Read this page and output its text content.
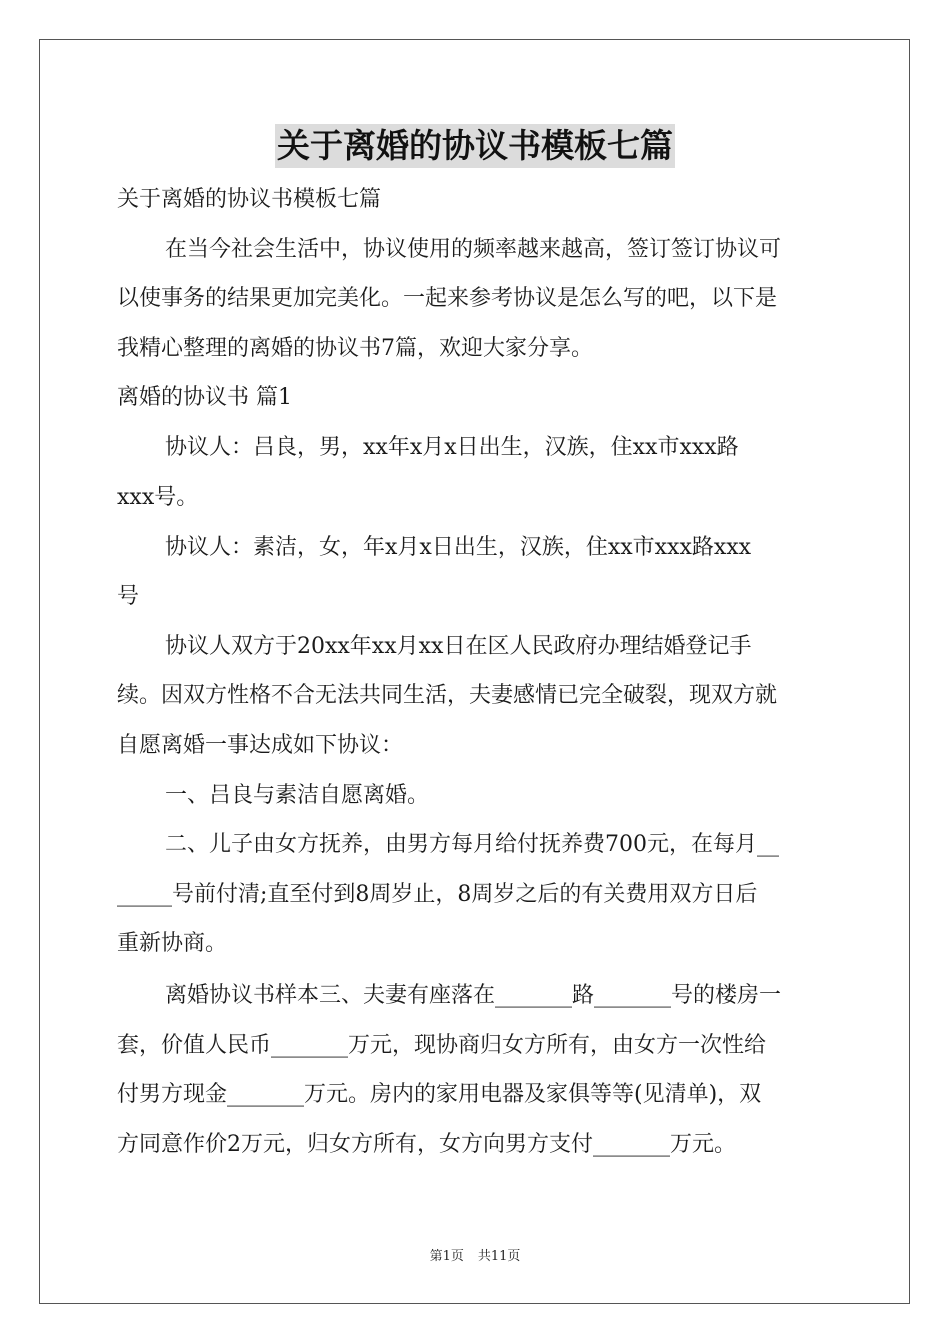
关于离婚的协议书模板七篇
关于离婚的协议书模板七篇
在当今社会生活中，协议使用的频率越来越高，签订签订协议可
以使事务的结果更加完美化。一起来参考协议是怎么写的吧，以下是
我精心整理的离婚的协议书7篇，欢迎大家分享。
离婚的协议书 篇1
协议人：吕良，男，xx年x月x日出生，汉族，住xx市xxx路
xxx号。
协议人：素洁，女，年x月x日出生，汉族，住xx市xxx路xxx
号
协议人双方于20xx年xx月xx日在区人民政府办理结婚登记手
续。因双方性格不合无法共同生活，夫妻感情已完全破裂，现双方就
自愿离婚一事达成如下协议：
一、吕良与素洁自愿离婚。
二、儿子由女方抚养，由男方每月给付抚养费700元，在每月__
_____号前付清;直至付到8周岁止，8周岁之后的有关费用双方日后
重新协商。
离婚协议书样本三、夫妻有座落在_______路_______号的楼房一
套，价值人民币_______万元，现协商归女方所有，由女方一次性给
付男方现金_______万元。房内的家用电器及家俱等等(见清单)，双
方同意作价2万元，归女方所有，女方向男方支付_______万元。
第1页 共11页
